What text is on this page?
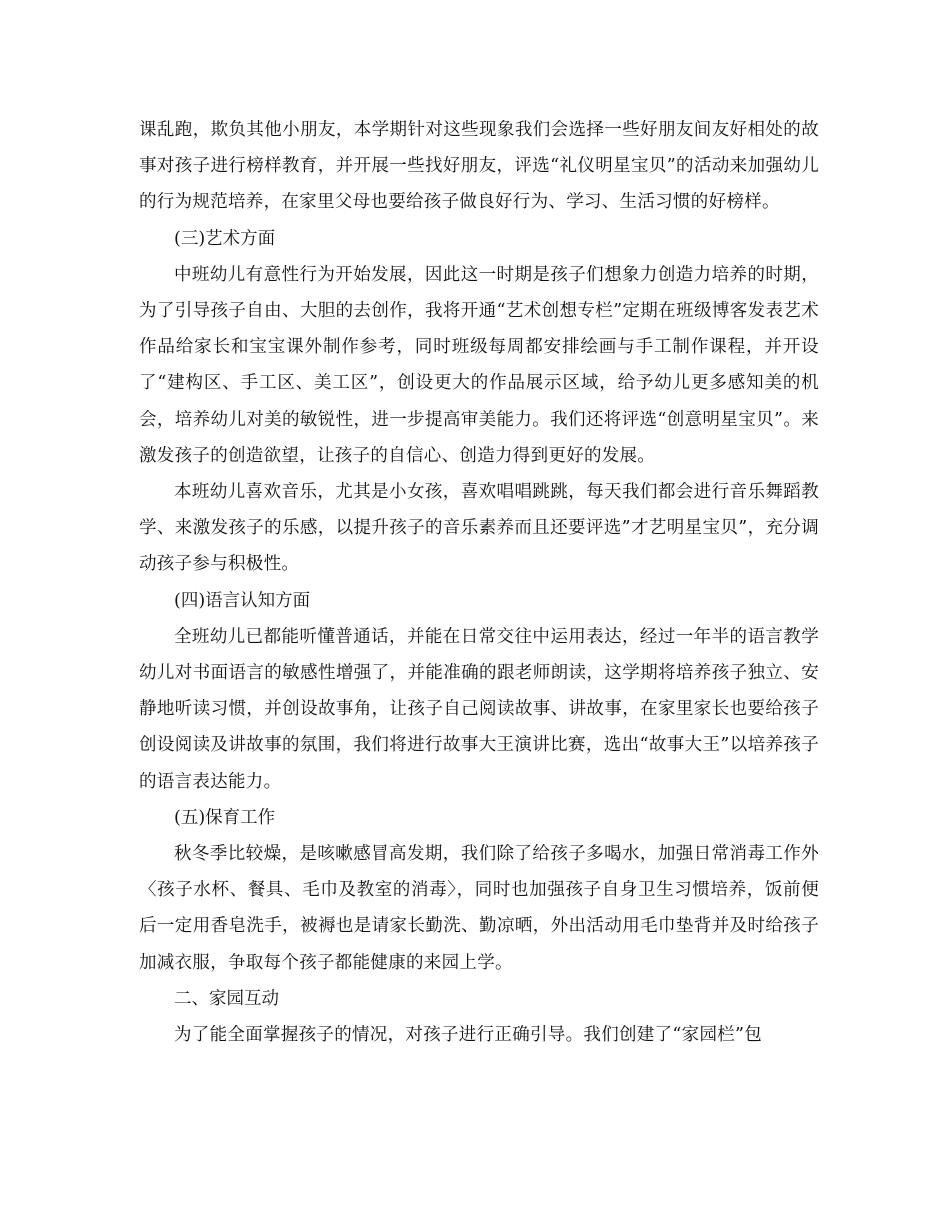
课乱跑，欺负其他小朋友，本学期针对这些现象我们会选择一些好朋友间友好相处的故事对孩子进行榜样教育，并开展一些找好朋友，评选“礼仪明星宝贝”的活动来加强幼儿的行为规范培养，在家里父母也要给孩子做良好行为、学习、生活习惯的好榜样。

(三)艺术方面

中班幼儿有意性行为开始发展，因此这一时期是孩子们想象力创造力培养的时期，为了引导孩子自由、大胆的去创作，我将开通“艺术创想专栏”定期在班级博客发表艺术作品给家长和宝宝课外制作参考，同时班级每周都安排绘画与手工制作课程，并开设了“建构区、手工区、美工区”，创设更大的作品展示区域，给予幼儿更多感知美的机会，培养幼儿对美的敏锐性，进一步提高审美能力。我们还将评选“创意明星宝贝”。来激发孩子的创造欲望，让孩子的自信心、创造力得到更好的发展。

本班幼儿喜欢音乐，尤其是小女孩，喜欢唱唱跳跳，每天我们都会进行音乐舞蹈教学、来激发孩子的乐感，以提升孩子的音乐素养而且还要评选”才艺明星宝贝”，充分调动孩子参与积极性。

(四)语言认知方面

全班幼儿已都能听懂普通话，并能在日常交往中运用表达，经过一年半的语言教学幼儿对书面语言的敏感性增强了，并能准确的跟老师朗读，这学期将培养孩子独立、安静地听读习惯，并创设故事角，让孩子自己阅读故事、讲故事，在家里家长也要给孩子创设阅读及讲故事的氛围，我们将进行故事大王演讲比赛，选出“故事大王”以培养孩子的语言表达能力。

(五)保育工作

秋冬季比较燥，是咳嗽感冒高发期，我们除了给孩子多喝水，加强日常消毒工作外〈孩子水杯、餐具、毛巾及教室的消毒〉，同时也加强孩子自身卫生习惯培养，饭前便后一定用香皂洗手，被褥也是请家长勤洗、勤凉晒，外出活动用毛巾垫背并及时给孩子加减衣服，争取每个孩子都能健康的来园上学。

二、家园互动

为了能全面掌握孩子的情况，对孩子进行正确引导。我们创建了“家园栏”包
